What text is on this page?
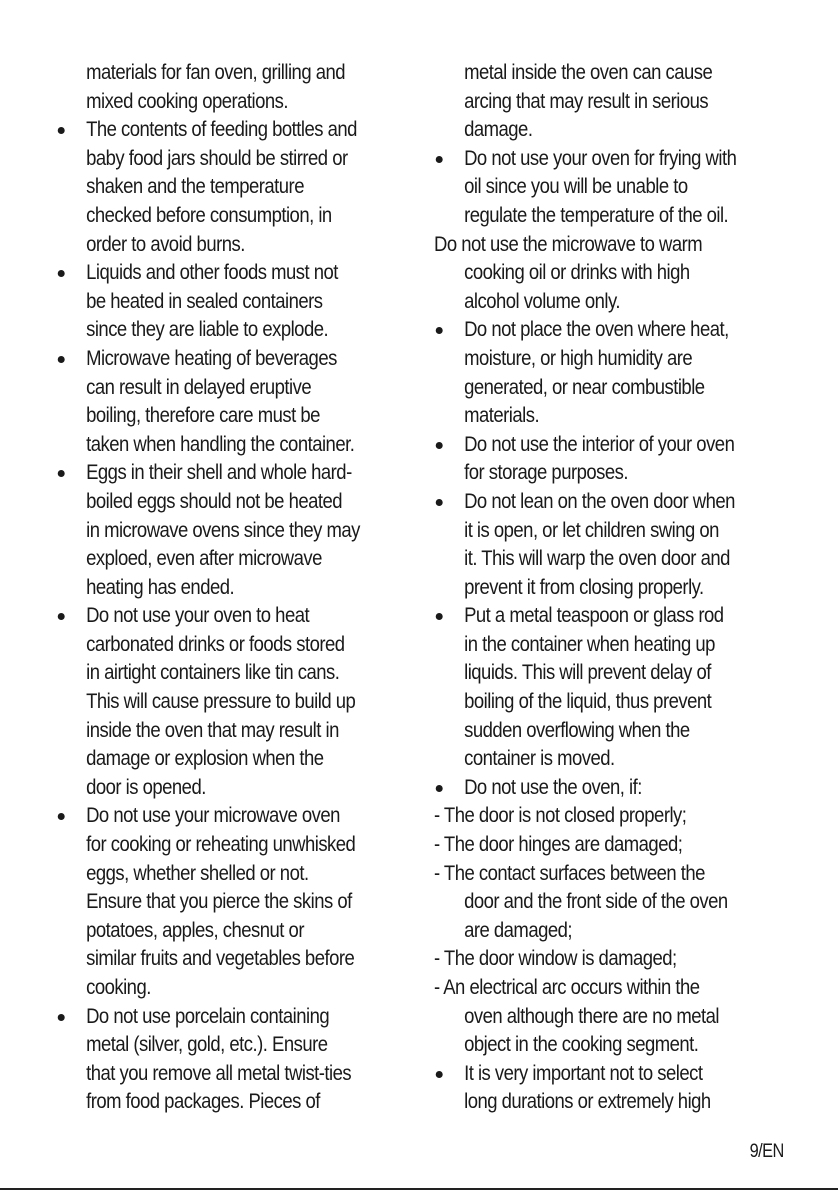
materials for fan oven, grilling and
mixed cooking operations.
The contents of feeding bottles and
baby food jars should be stirred or
shaken and the temperature
checked before consumption, in
order to avoid burns.
Liquids and other foods must not
be heated in sealed containers
since they are liable to explode.
Microwave heating of beverages
can result in delayed eruptive
boiling, therefore care must be
taken when handling the container.
Eggs in their shell and whole hard-
boiled eggs should not be heated
in microwave ovens since they may
exploed, even after microwave
heating has ended.
Do not use your oven to heat
carbonated drinks or foods stored
in airtight containers like tin cans.
This will cause pressure to build up
inside the oven that may result in
damage or explosion when the
door is opened.
Do not use your microwave oven
for cooking or reheating unwhisked
eggs, whether shelled or not.
Ensure that you pierce the skins of
potatoes, apples, chesnut or
similar fruits and vegetables before
cooking.
Do not use porcelain containing
metal (silver, gold, etc.). Ensure
that you remove all metal twist-ties
from food packages. Pieces of
metal inside the oven can cause
arcing that may result in serious
damage.
Do not use your oven for frying with
oil since you will be unable to
regulate the temperature of the oil.
Do not use the microwave to warm
cooking oil or drinks with high
alcohol volume only.
Do not place the oven where heat,
moisture, or high humidity are
generated, or near combustible
materials.
Do not use the interior of your oven
for storage purposes.
Do not lean on the oven door when
it is open, or let children swing on
it. This will warp the oven door and
prevent it from closing properly.
Put a metal teaspoon or glass rod
in the container when heating up
liquids. This will prevent delay of
boiling of the liquid, thus prevent
sudden overflowing when the
container is moved.
Do not use the oven, if:
- The door is not closed properly;
- The door hinges are damaged;
- The contact surfaces between the
door and the front side of the oven
are damaged;
- The door window is damaged;
- An electrical arc occurs within the
oven although there are no metal
object in the cooking segment.
It is very important not to select
long durations or extremely high
9/EN
